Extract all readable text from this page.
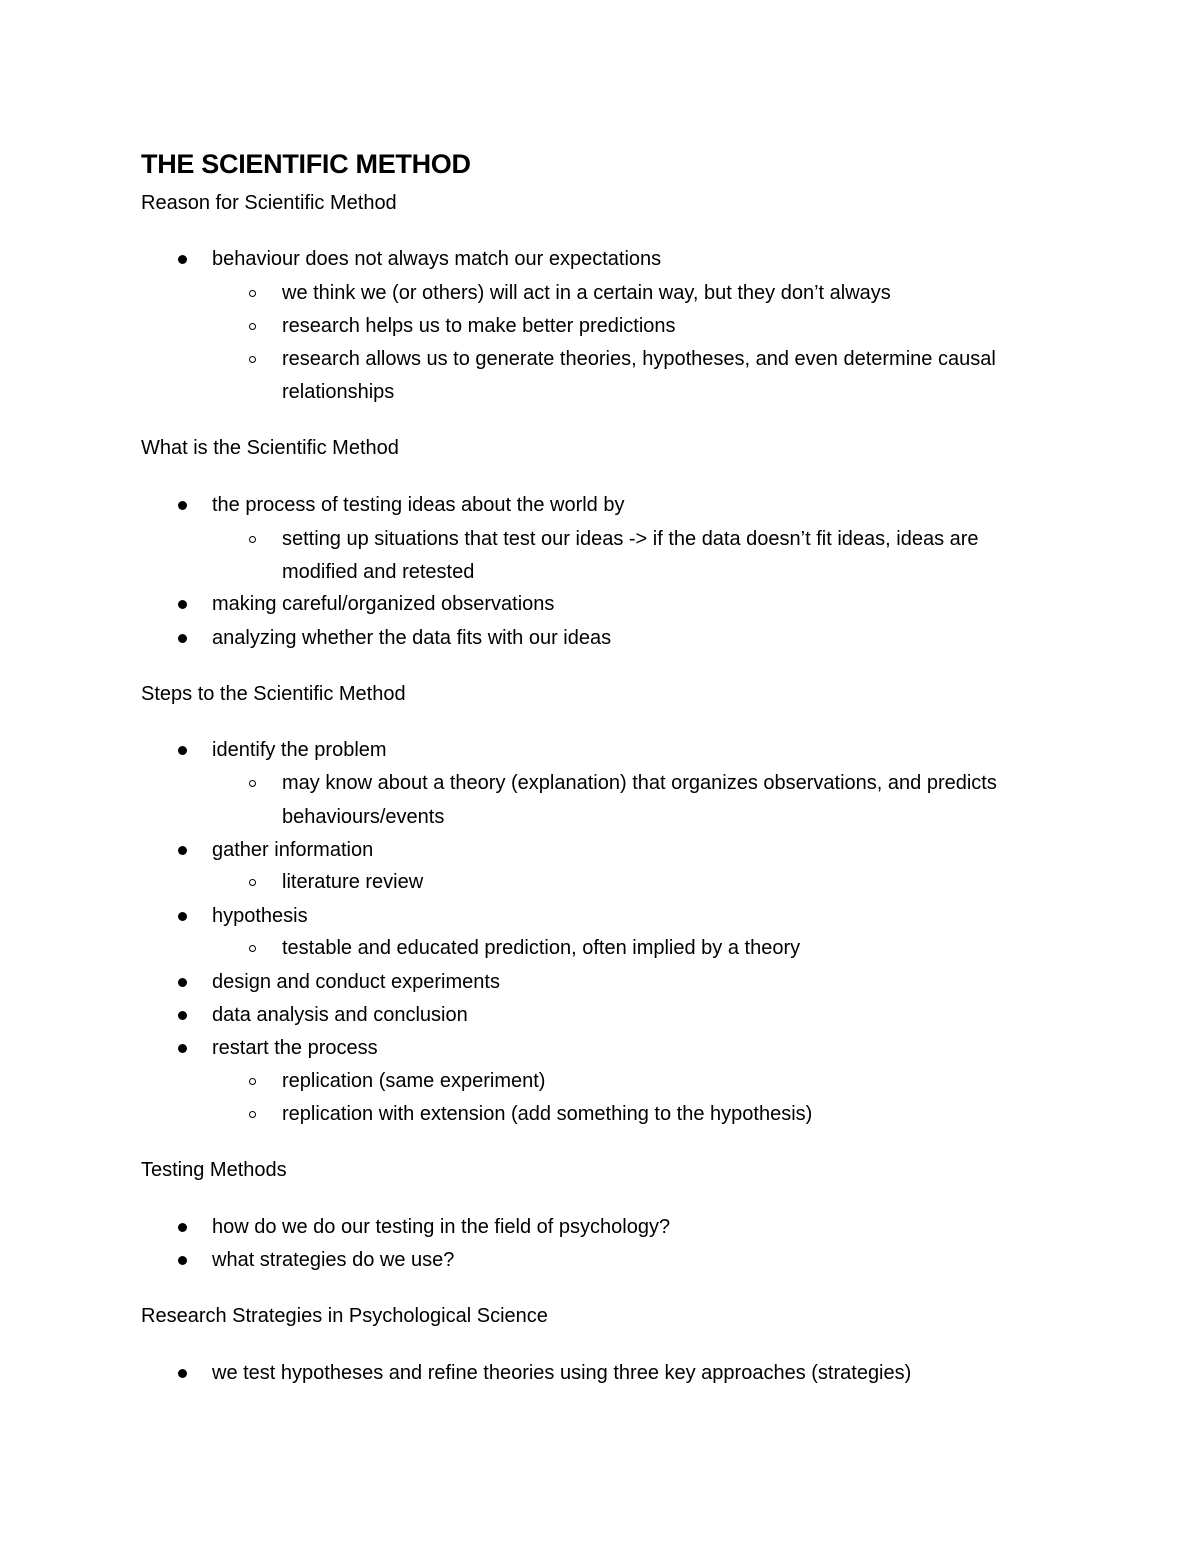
THE SCIENTIFIC METHOD
Reason for Scientific Method
behaviour does not always match our expectations
we think we (or others) will act in a certain way, but they don’t always
research helps us to make better predictions
research allows us to generate theories, hypotheses, and even determine causal
relationships
What is the Scientific Method
the process of testing ideas about the world by
setting up situations that test our ideas -> if the data doesn’t fit ideas, ideas are
modified and retested
making careful/organized observations
analyzing whether the data fits with our ideas
Steps to the Scientific Method
identify the problem
may know about a theory (explanation) that organizes observations, and predicts
behaviours/events
gather information
literature review
hypothesis
testable and educated prediction, often implied by a theory
design and conduct experiments
data analysis and conclusion
restart the process
replication (same experiment)
replication with extension (add something to the hypothesis)
Testing Methods
how do we do our testing in the field of psychology?
what strategies do we use?
Research Strategies in Psychological Science
we test hypotheses and refine theories using three key approaches (strategies)
